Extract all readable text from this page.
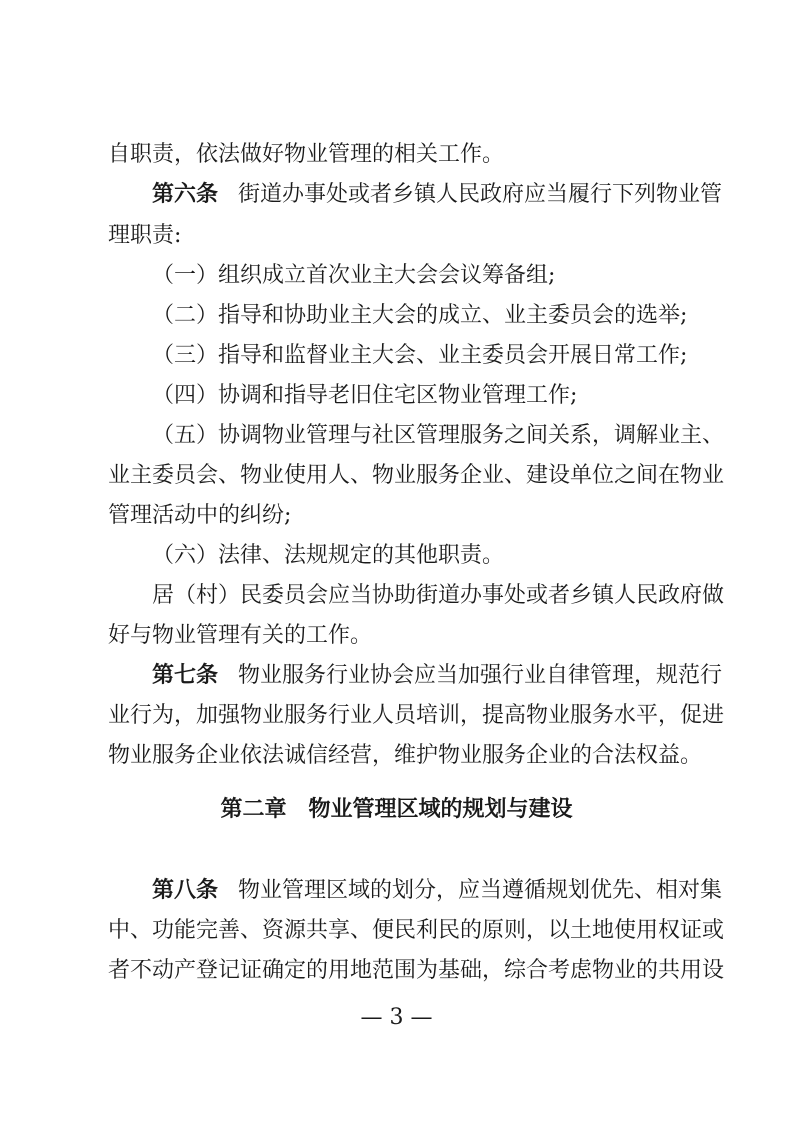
自职责，依法做好物业管理的相关工作。
第六条 街道办事处或者乡镇人民政府应当履行下列物业管
理职责:
（一）组织成立首次业主大会会议筹备组;
（二）指导和协助业主大会的成立、业主委员会的选举;
（三）指导和监督业主大会、业主委员会开展日常工作;
（四）协调和指导老旧住宅区物业管理工作;
（五）协调物业管理与社区管理服务之间关系，调解业主、
业主委员会、物业使用人、物业服务企业、建设单位之间在物业
管理活动中的纠纷;
（六）法律、法规规定的其他职责。
居（村）民委员会应当协助街道办事处或者乡镇人民政府做
好与物业管理有关的工作。
第七条 物业服务行业协会应当加强行业自律管理，规范行
业行为，加强物业服务行业人员培训，提高物业服务水平，促进
物业服务企业依法诚信经营，维护物业服务企业的合法权益。
第二章　物业管理区域的规划与建设
第八条 物业管理区域的划分，应当遵循规划优先、相对集
中、功能完善、资源共享、便民利民的原则，以土地使用权证或
者不动产登记证确定的用地范围为基础，综合考虑物业的共用设
— 3 —
